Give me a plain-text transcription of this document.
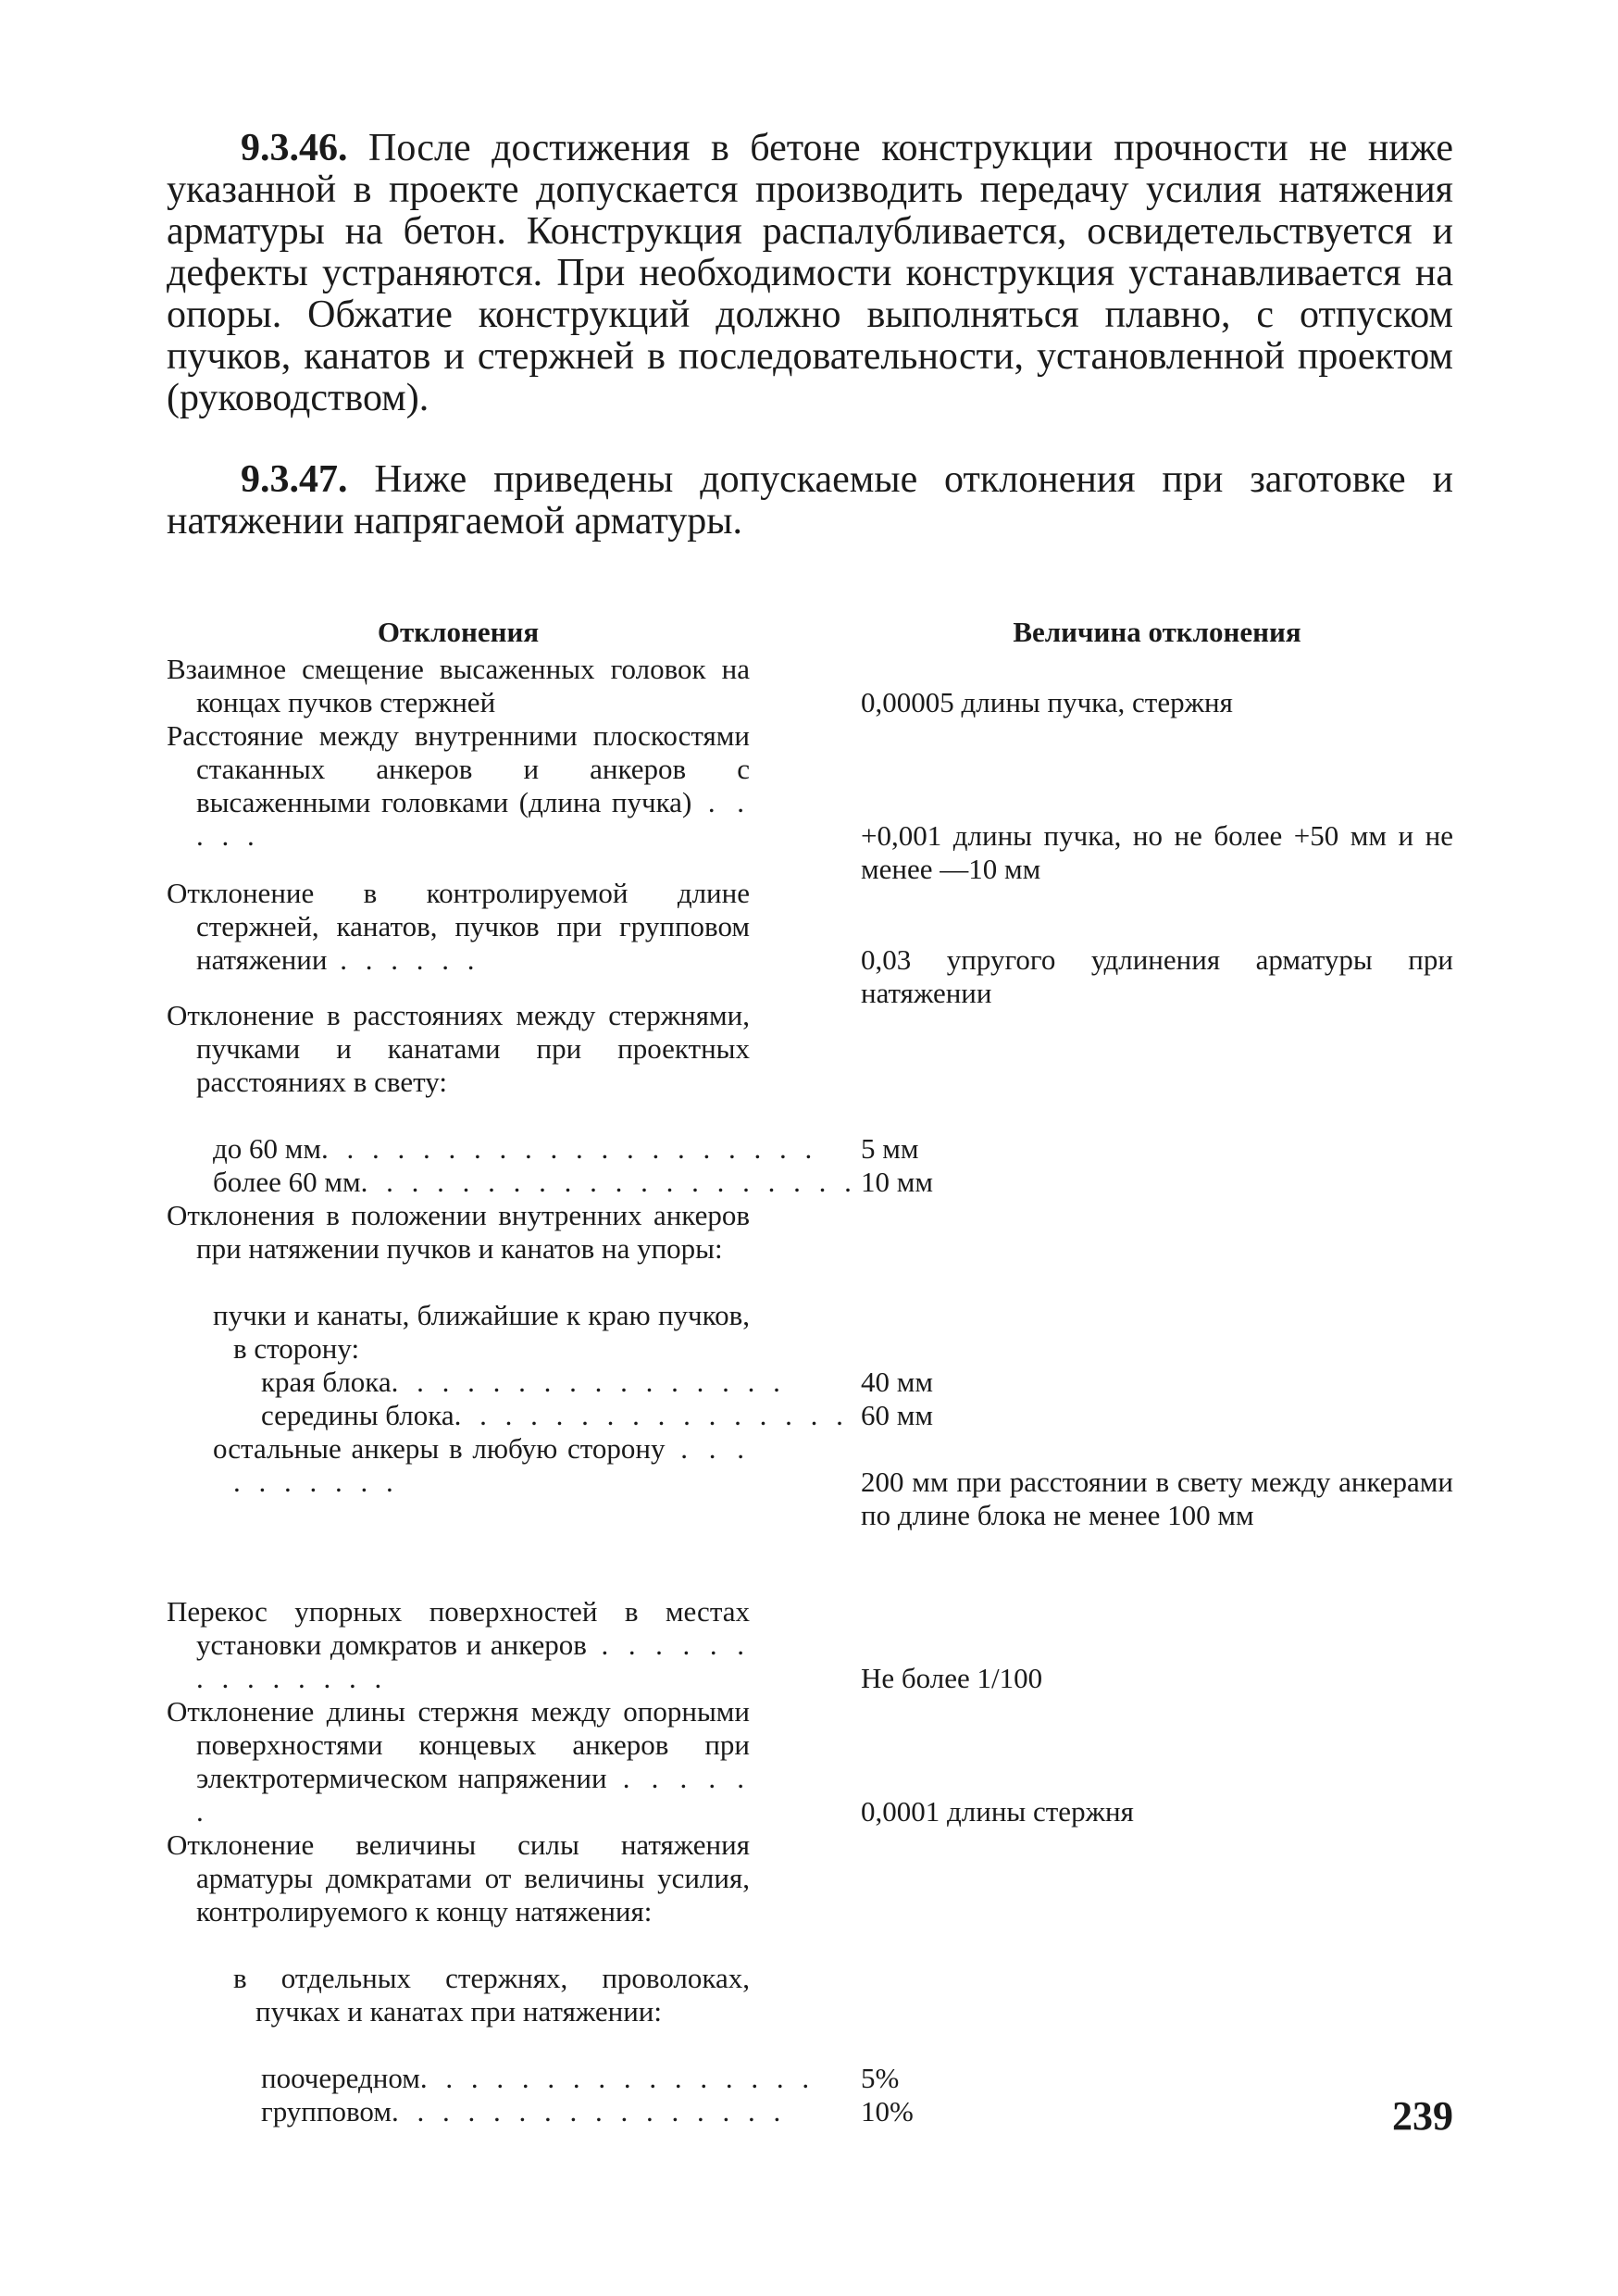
9.3.46. После достижения в бетоне конструкции прочности не ниже указанной в проекте допускается производить передачу усилия натяжения арматуры на бетон. Конструкция распалубливается, освидетельствуется и дефекты устраняются. При необходимости конструкция устанавливается на опоры. Обжатие конструкций должно выполняться плавно, с отпуском пучков, канатов и стержней в последовательности, установленной проектом (руководством).

9.3.47. Ниже приведены допускаемые отклонения при заготовке и натяжении напрягаемой арматуры.

Отклонения	Величина отклонения
Взаимное смещение высаженных головок на концах пучков стержней	0,00005 длины пучка, стержня
Расстояние между внутренними плоскостями стаканных анкеров и анкеров с высаженными головками (длина пучка) . . . . .	+0,001 длины пучка, но не более +50 мм и не менее —10 мм
Отклонение в контролируемой длине стержней, канатов, пучков при групповом натяжении . . . . . .	0,03 упругого удлинения арматуры при натяжении
Отклонение в расстояниях между стержнями, пучками и канатами при проектных расстояниях в свету:
до 60 мм . . . . . . . . . . . . . . . . . . . . 5 мм
более 60 мм . . . . . . . . . . . . . . . . . . . . 10 мм
Отклонения в положении внутренних анкеров при натяжении пучков и канатов на упоры:
пучки и канаты, ближайшие к краю пучков, в сторону:
края блока . . . . . . . . . . . . . . . .	40 мм
середины блока . . . . . . . . . . . . . . . . 60 мм
остальные анкеры в любую сторону . . . . . . . . . .	200 мм при расстоянии в свету между анкерами по длине блока не менее 100 мм
Перекос упорных поверхностей в местах установки домкратов и анкеров . . . . . . . . . . . . . .	Не более 1/100
Отклонение длины стержня между опорными поверхностями концевых анкеров при электротермическом напряжении . . . . . .	0,0001 длины стержня
Отклонение величины силы натяжения арматуры домкратами от величины усилия, контролируемого к концу натяжения:
в отдельных стержнях, проволоках, пучках и канатах при натяжении:
поочередном . . . . . . . . . . . . . . . . 5%
групповом . . . . . . . . . . . . . . . .	10%	239
